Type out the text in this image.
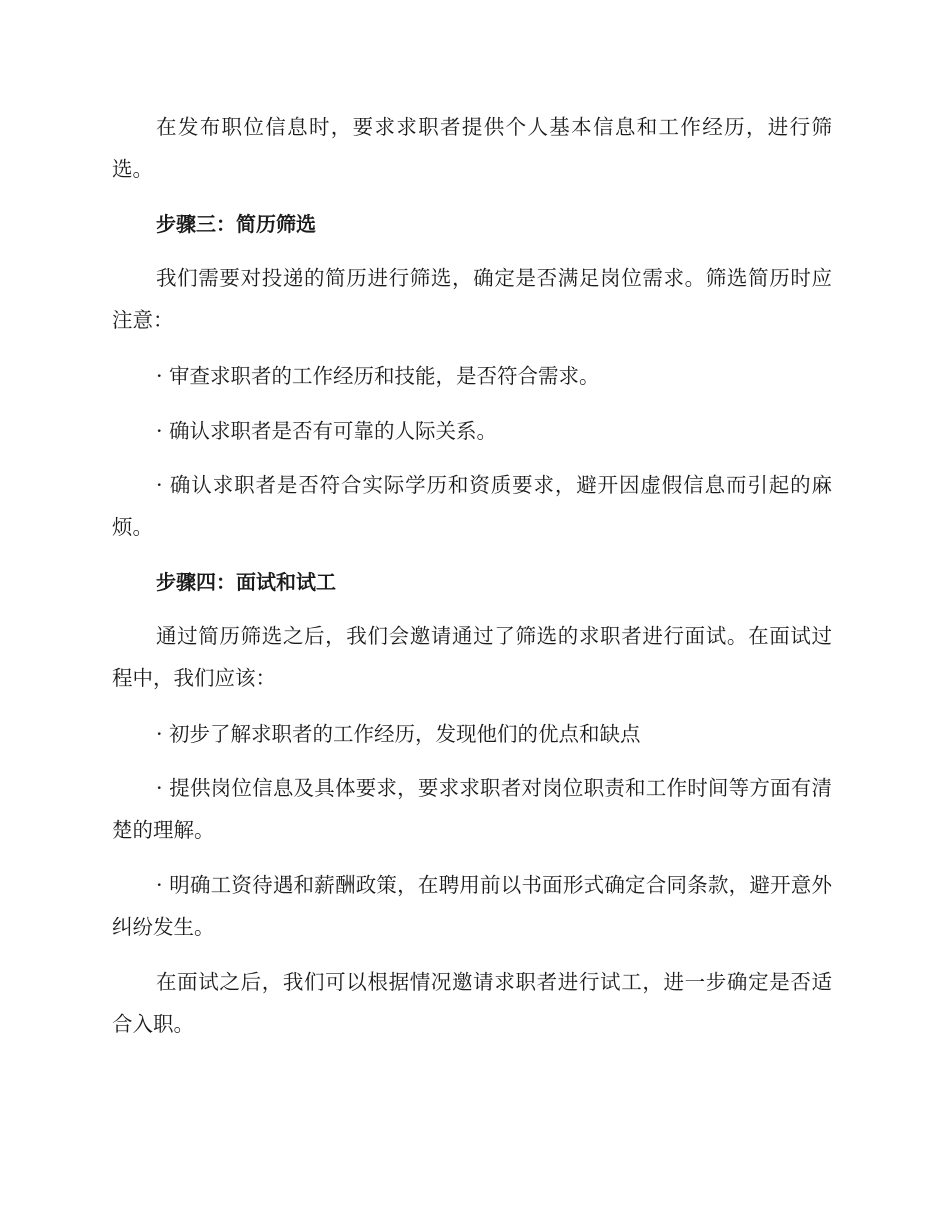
在发布职位信息时，要求求职者提供个人基本信息和工作经历，进行筛选。

步骤三：简历筛选

我们需要对投递的简历进行筛选，确定是否满足岗位需求。筛选简历时应注意：

· 审查求职者的工作经历和技能，是否符合需求。

· 确认求职者是否有可靠的人际关系。

· 确认求职者是否符合实际学历和资质要求，避开因虚假信息而引起的麻烦。

步骤四：面试和试工

通过简历筛选之后，我们会邀请通过了筛选的求职者进行面试。在面试过程中，我们应该：

· 初步了解求职者的工作经历，发现他们的优点和缺点

· 提供岗位信息及具体要求，要求求职者对岗位职责和工作时间等方面有清楚的理解。

· 明确工资待遇和薪酬政策，在聘用前以书面形式确定合同条款，避开意外纠纷发生。

在面试之后，我们可以根据情况邀请求职者进行试工，进一步确定是否适合入职。
